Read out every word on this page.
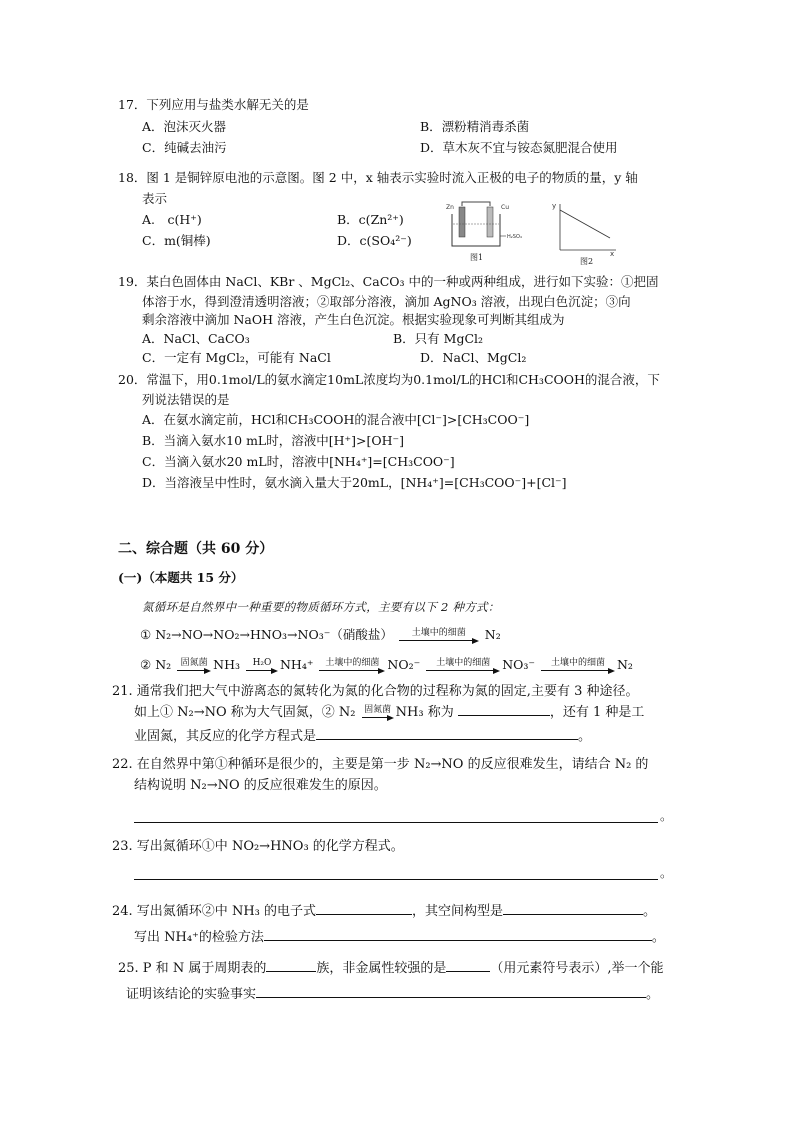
17．下列应用与盐类水解无关的是
A．泡沫灭火器	B．漂粉精消毒杀菌
C．纯碱去油污	D．草木灰不宜与铵态氮肥混合使用
18．图 1 是铜锌原电池的示意图。图 2 中，x 轴表示实验时流入正极的电子的物质的量，y 轴
表示
A.　c(H⁺)	B．c(Zn²⁺)
C．m(铜棒)	D．c(SO₄²⁻)
Zn	Cu
H₂SO₄
图1
y
x
图2
19．某白色固体由 NaCl、KBr 、MgCl₂、CaCO₃ 中的一种或两种组成，进行如下实验：①把固
体溶于水，得到澄清透明溶液；②取部分溶液，滴加 AgNO₃ 溶液，出现白色沉淀；③向
剩余溶液中滴加 NaOH 溶液，产生白色沉淀。根据实验现象可判断其组成为
A．NaCl、CaCO₃	B．只有 MgCl₂
C．一定有 MgCl₂，可能有 NaCl	D．NaCl、MgCl₂
20．常温下，用0.1mol/L的氨水滴定10mL浓度均为0.1mol/L的HCl和CH₃COOH的混合液，下
列说法错误的是
A．在氨水滴定前，HCl和CH₃COOH的混合液中[Cl⁻]>[CH₃COO⁻]
B．当滴入氨水10 mL时，溶液中[H⁺]>[OH⁻]
C．当滴入氨水20 mL时，溶液中[NH₄⁺]=[CH₃COO⁻]
D．当溶液呈中性时，氨水滴入量大于20mL，[NH₄⁺]=[CH₃COO⁻]+[Cl⁻]
二、综合题（共 60 分）
(一)（本题共 15 分）
氮循环是自然界中一种重要的物质循环方式，主要有以下 2 种方式：
① N₂→NO→NO₂→HNO₃→NO₃⁻（硝酸盐）	土壤中的细菌	N₂
② N₂	固氮菌 NH₃	H₂O NH₄⁺	土壤中的细菌 NO₂⁻	土壤中的细菌 NO₃⁻	土壤中的细菌 N₂
21. 通常我们把大气中游离态的氮转化为氮的化合物的过程称为氮的固定,主要有 3 种途径。
如上① N₂→NO 称为大气固氮，② N₂ 固氮菌 NH₃ 称为	，还有 1 种是工
业固氮，其反应的化学方程式是	。
22. 在自然界中第①种循环是很少的，主要是第一步 N₂→NO 的反应很难发生，请结合 N₂ 的
结构说明 N₂→NO 的反应很难发生的原因。
。
23. 写出氮循环①中 NO₂→HNO₃ 的化学方程式。
。
24. 写出氮循环②中 NH₃ 的电子式	，其空间构型是	。
写出 NH₄⁺的检验方法	。
25. P 和 N 属于周期表的	族，非金属性较强的是	（用元素符号表示）,举一个能
证明该结论的实验事实	。
